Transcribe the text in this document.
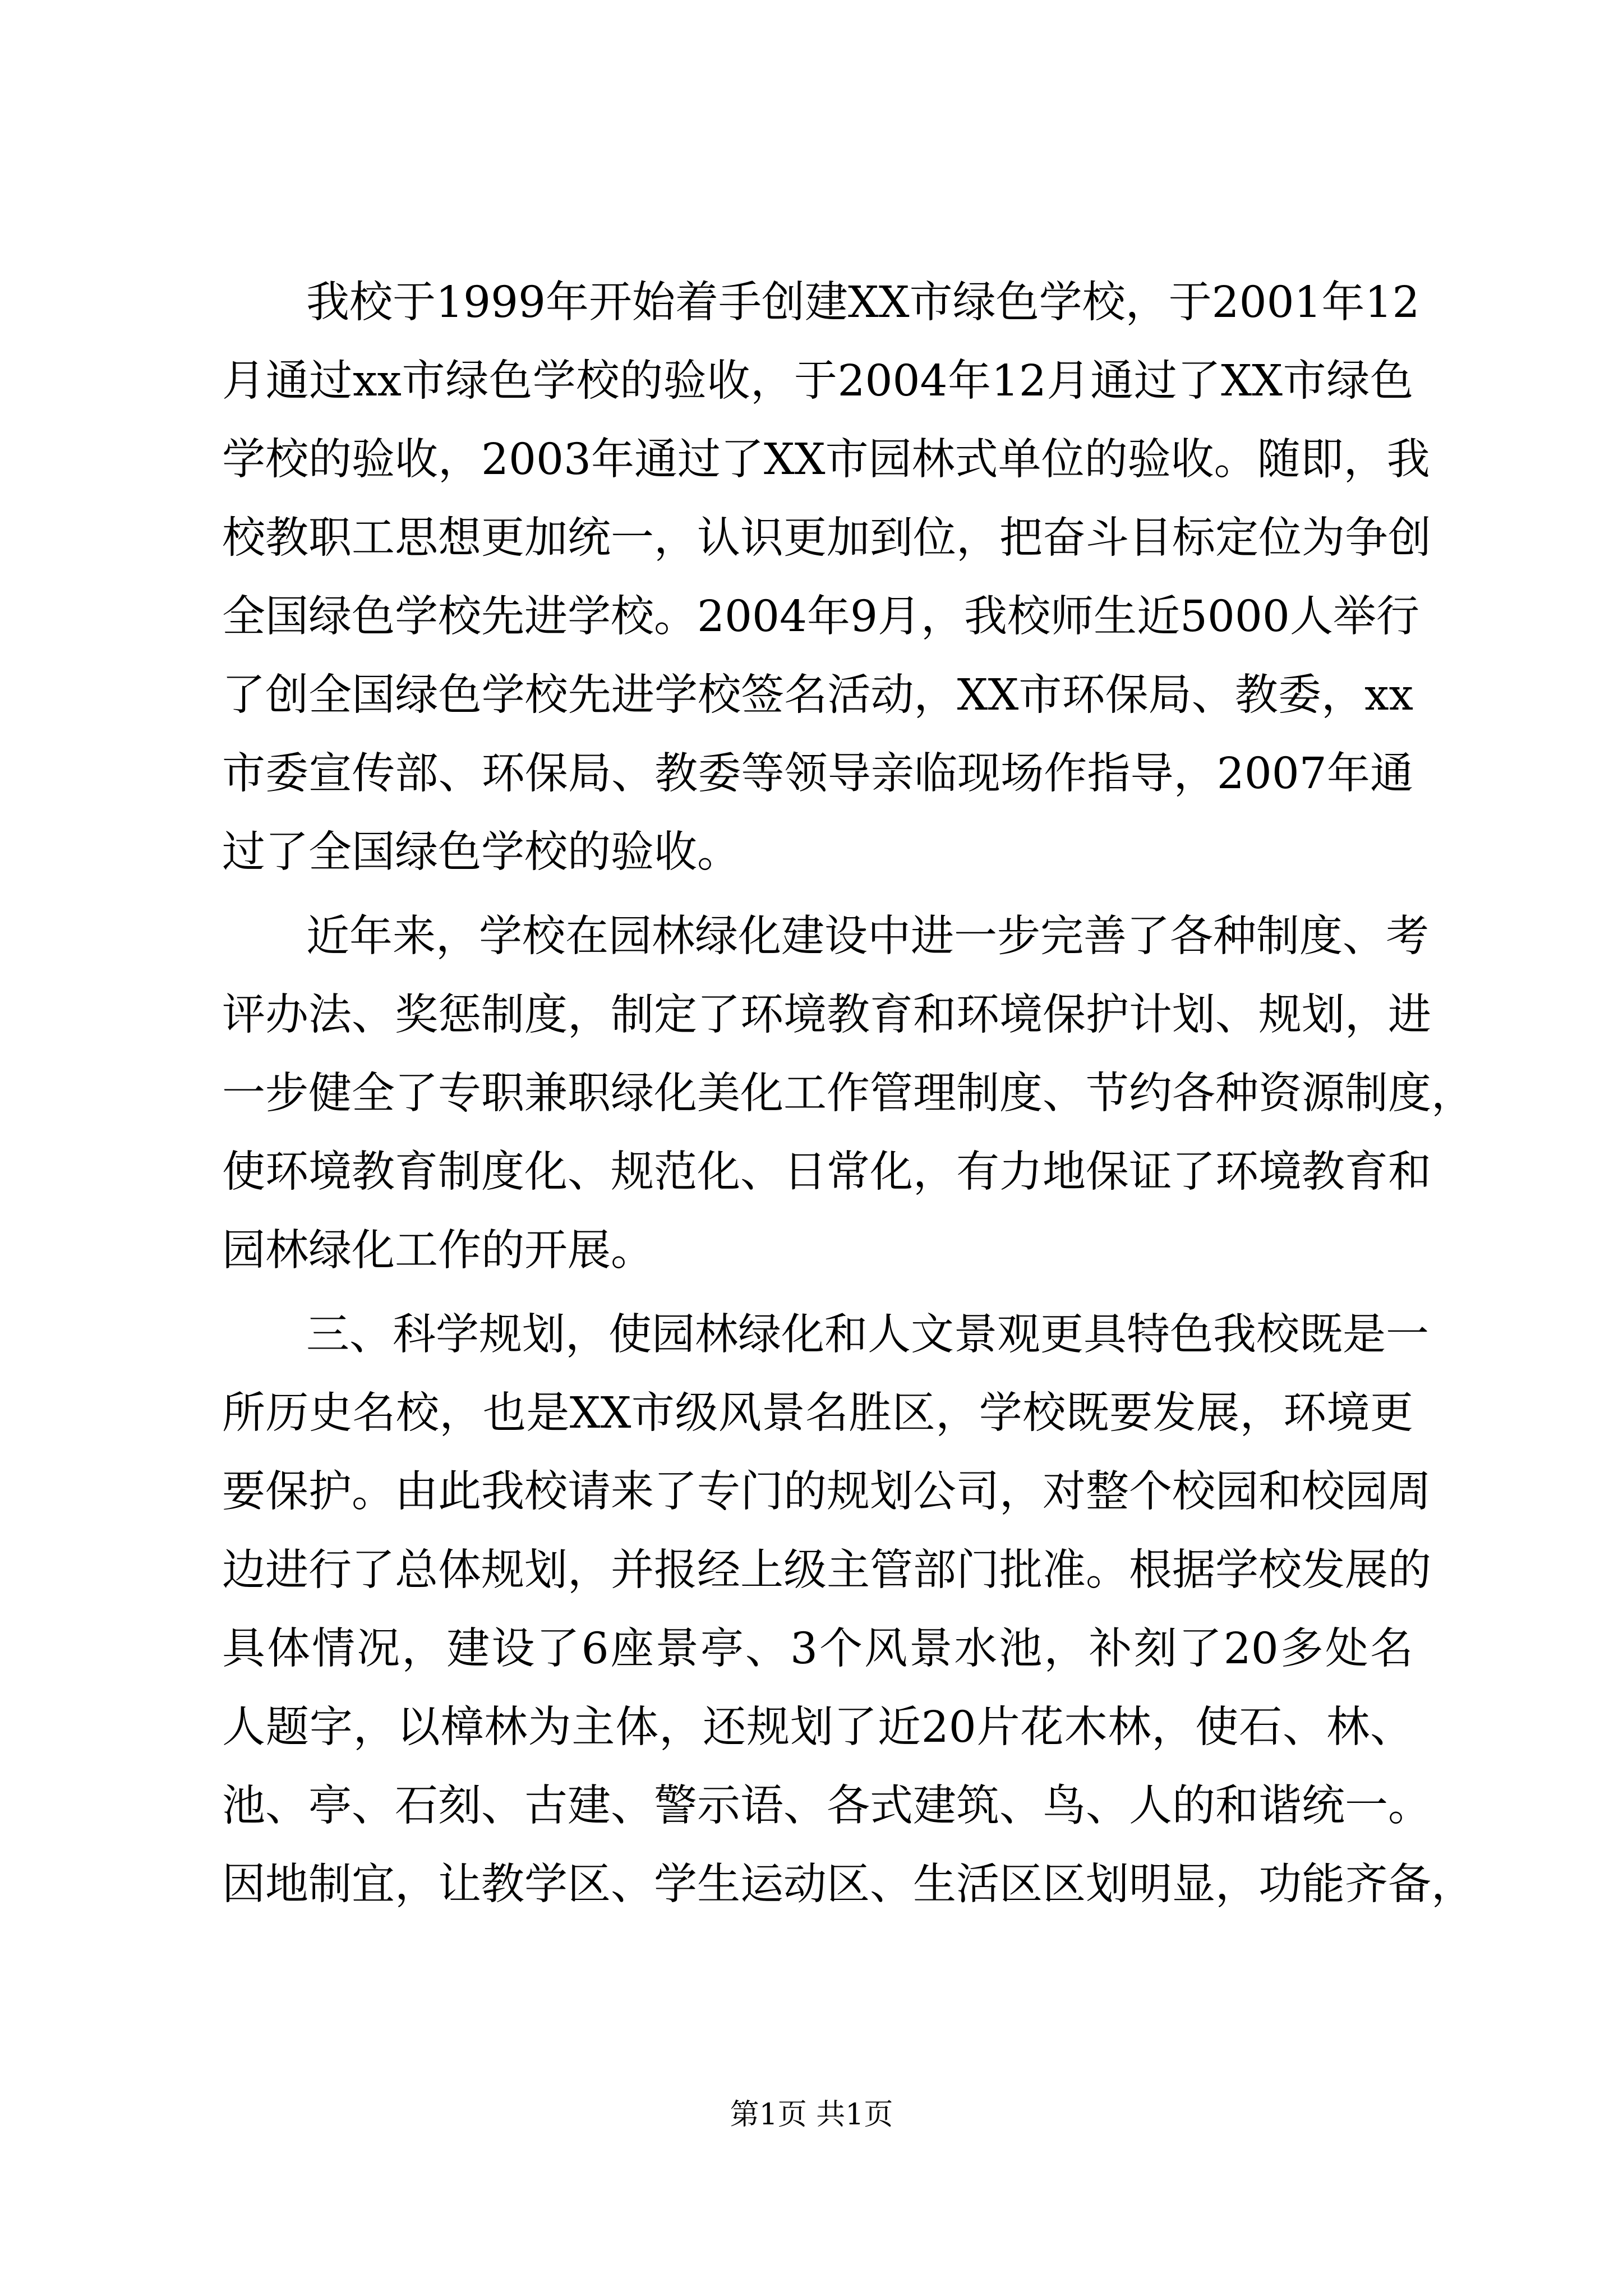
我校于1999年开始着手创建XX市绿色学校，于2001年12
月通过xx市绿色学校的验收，于2004年12月通过了XX市绿色
学校的验收，2003年通过了XX市园林式单位的验收。随即，我
校教职工思想更加统一，认识更加到位，把奋斗目标定位为争创
全国绿色学校先进学校。2004年9月，我校师生近5000人举行
了创全国绿色学校先进学校签名活动，XX市环保局、教委，xx
市委宣传部、环保局、教委等领导亲临现场作指导，2007年通
过了全国绿色学校的验收。
近年来，学校在园林绿化建设中进一步完善了各种制度、考
评办法、奖惩制度，制定了环境教育和环境保护计划、规划，进
一步健全了专职兼职绿化美化工作管理制度、节约各种资源制度，
使环境教育制度化、规范化、日常化，有力地保证了环境教育和
园林绿化工作的开展。
三、科学规划，使园林绿化和人文景观更具特色我校既是一
所历史名校，也是XX市级风景名胜区，学校既要发展，环境更
要保护。由此我校请来了专门的规划公司，对整个校园和校园周
边进行了总体规划，并报经上级主管部门批准。根据学校发展的
具体情况，建设了6座景亭、3个风景水池，补刻了20多处名
人题字，以樟林为主体，还规划了近20片花木林，使石、林、
池、亭、石刻、古建、警示语、各式建筑、鸟、人的和谐统一。
因地制宜，让教学区、学生运动区、生活区区划明显，功能齐备，
第1页 共1页
